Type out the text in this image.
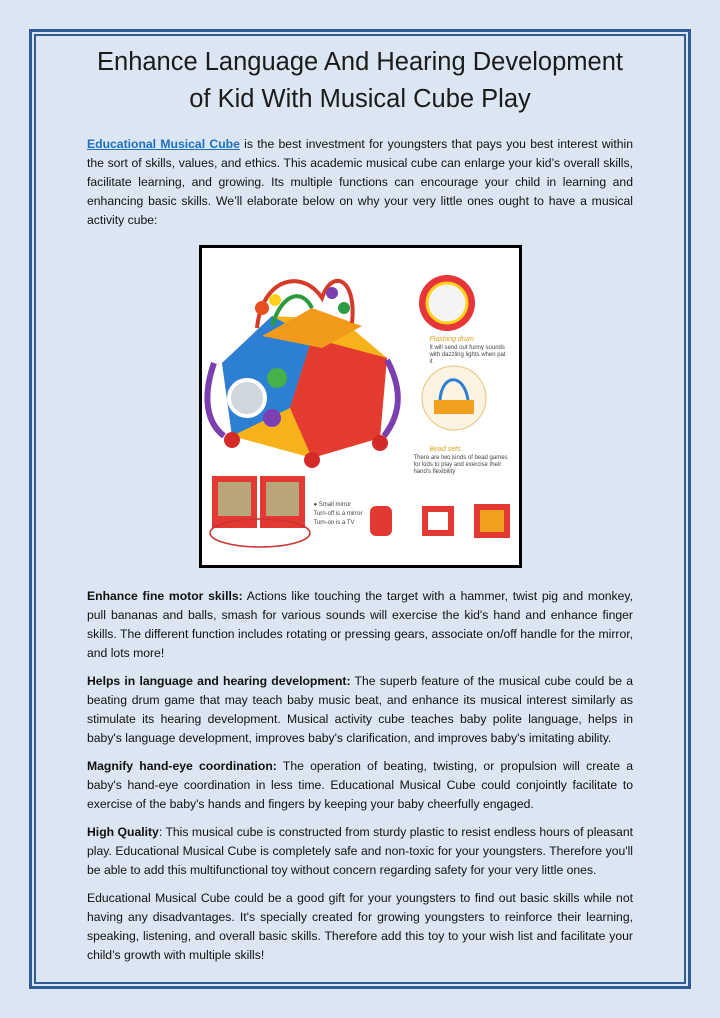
Enhance Language And Hearing Development of Kid With Musical Cube Play

Educational Musical Cube is the best investment for youngsters that pays you best interest within the sort of skills, values, and ethics. This academic musical cube can enlarge your kid’s overall skills, facilitate learning, and growing. Its multiple functions can encourage your child in learning and enhancing basic skills. We’ll elaborate below on why your very little ones ought to have a musical activity cube:

Flashing drum
It will send out funny sounds with dazzling lights when pat it
Bead sets
There are two kinds of bead games for kids to play and exercise their hand's flexibility
● Small mirror
Turn-off is a mirror
Turn-on is a TV

Enhance fine motor skills: Actions like touching the target with a hammer, twist pig and monkey, pull bananas and balls, smash for various sounds will exercise the kid's hand and enhance finger skills. The different function includes rotating or pressing gears, associate on/off handle for the mirror, and lots more!

Helps in language and hearing development: The superb feature of the musical cube could be a beating drum game that may teach baby music beat, and enhance its musical interest similarly as stimulate its hearing development. Musical activity cube teaches baby polite language, helps in baby's language development, improves baby's clarification, and improves baby's imitating ability.

Magnify hand-eye coordination: The operation of beating, twisting, or propulsion will create a baby's hand-eye coordination in less time. Educational Musical Cube could conjointly facilitate to exercise of the baby's hands and fingers by keeping your baby cheerfully engaged.

High Quality: This musical cube is constructed from sturdy plastic to resist endless hours of pleasant play. Educational Musical Cube is completely safe and non-toxic for your youngsters. Therefore you'll be able to add this multifunctional toy without concern regarding safety for your very little ones.

Educational Musical Cube could be a good gift for your youngsters to find out basic skills while not having any disadvantages. It's specially created for growing youngsters to reinforce their learning, speaking, listening, and overall basic skills. Therefore add this toy to your wish list and facilitate your child’s growth with multiple skills!
